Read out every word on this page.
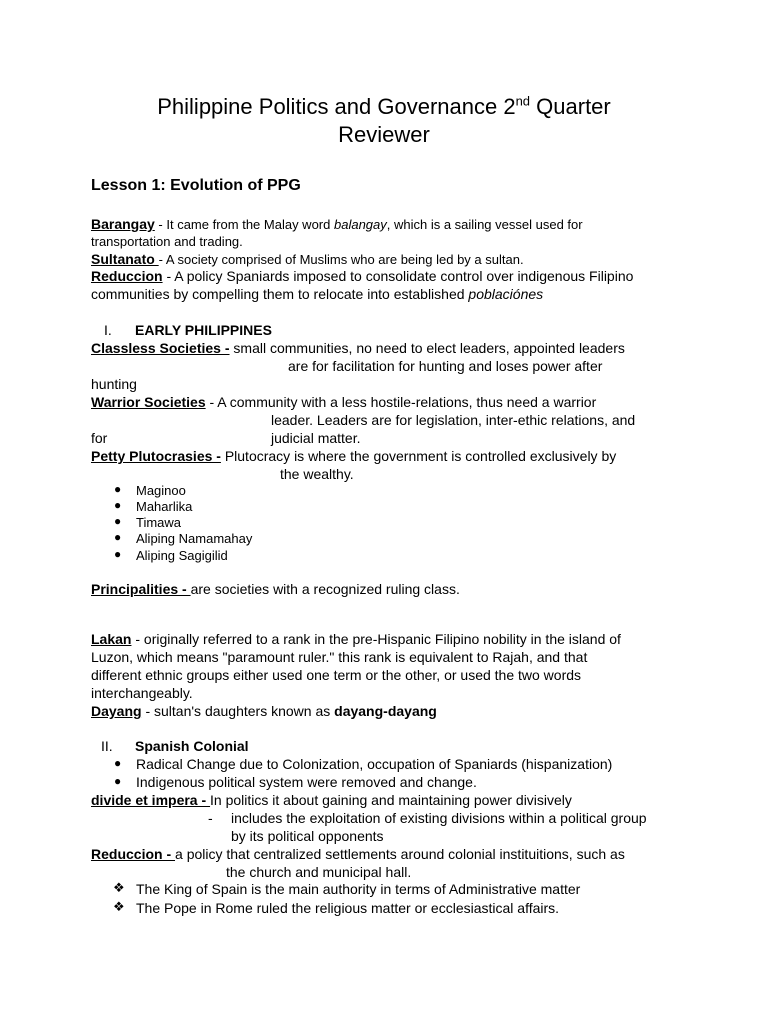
Philippine Politics and Governance 2nd Quarter
Reviewer
Lesson 1: Evolution of PPG
Barangay - It came from the Malay word balangay, which is a sailing vessel used for
transportation and trading.
Sultanato - A society comprised of Muslims who are being led by a sultan.
Reduccion - A policy Spaniards imposed to consolidate control over indigenous Filipino
communities by compelling them to relocate into established poblaciónes
I. EARLY PHILIPPINES
Classless Societies - small communities, no need to elect leaders, appointed leaders
are for facilitation for hunting and loses power after
hunting
Warrior Societies - A community with a less hostile-relations, thus need a warrior
leader. Leaders are for legislation, inter-ethic relations, and
for	judicial matter.
Petty Plutocrasies - Plutocracy is where the government is controlled exclusively by
the wealthy.
● Maginoo
● Maharlika
● Timawa
● Aliping Namamahay
● Aliping Sagigilid
Principalities - are societies with a recognized ruling class.
Lakan - originally referred to a rank in the pre-Hispanic Filipino nobility in the island of
Luzon, which means "paramount ruler." this rank is equivalent to Rajah, and that
different ethnic groups either used one term or the other, or used the two words
interchangeably.
Dayang - sultan's daughters known as dayang-dayang
II. Spanish Colonial
● Radical Change due to Colonization, occupation of Spaniards (hispanization)
● Indigenous political system were removed and change.
divide et impera - In politics it about gaining and maintaining power divisively
- includes the exploitation of existing divisions within a political group
by its political opponents
Reduccion - a policy that centralized settlements around colonial instituitions, such as
the church and municipal hall.
❖ The King of Spain is the main authority in terms of Administrative matter
❖ The Pope in Rome ruled the religious matter or ecclesiastical affairs.
